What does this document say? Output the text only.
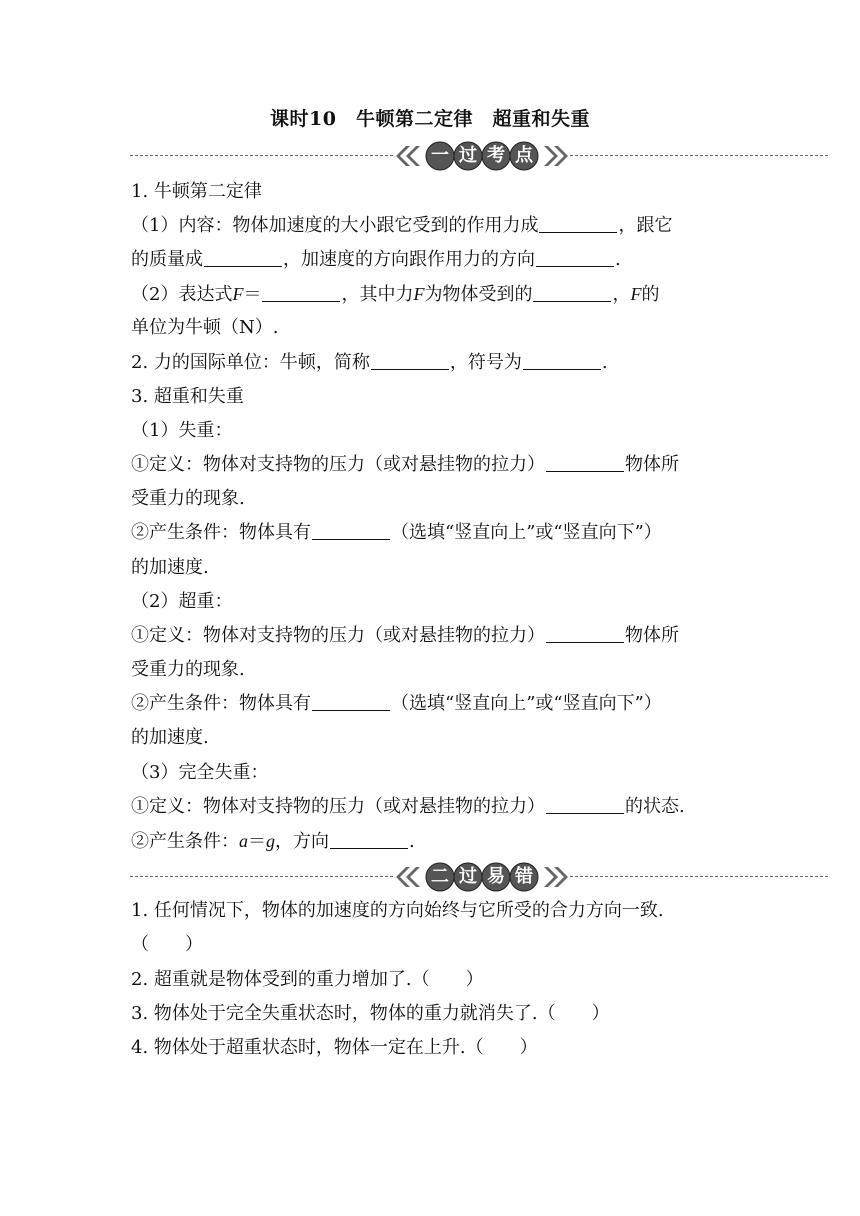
课时10　牛顿第二定律　超重和失重
一 过 考 点
1. 牛顿第二定律
（1）内容：物体加速度的大小跟它受到的作用力成	，跟它
的质量成	，加速度的方向跟作用力的方向	.
（2）表达式F＝	，其中力F为物体受到的	，F的
单位为牛顿（N）.
2. 力的国际单位：牛顿，简称	，符号为	.
3. 超重和失重
（1）失重：
①定义：物体对支持物的压力（或对悬挂物的拉力）	物体所
受重力的现象.
②产生条件：物体具有	（选填“竖直向上”或“竖直向下”）
的加速度.
（2）超重：
①定义：物体对支持物的压力（或对悬挂物的拉力）	物体所
受重力的现象.
②产生条件：物体具有	（选填“竖直向上”或“竖直向下”）
的加速度.
（3）完全失重：
①定义：物体对支持物的压力（或对悬挂物的拉力）	的状态.
②产生条件：a＝g，方向	.
二 过 易 错
1. 任何情况下，物体的加速度的方向始终与它所受的合力方向一致.
（ ）
2. 超重就是物体受到的重力增加了.（ ）
3. 物体处于完全失重状态时，物体的重力就消失了.（ ）
4. 物体处于超重状态时，物体一定在上升.（ ）
